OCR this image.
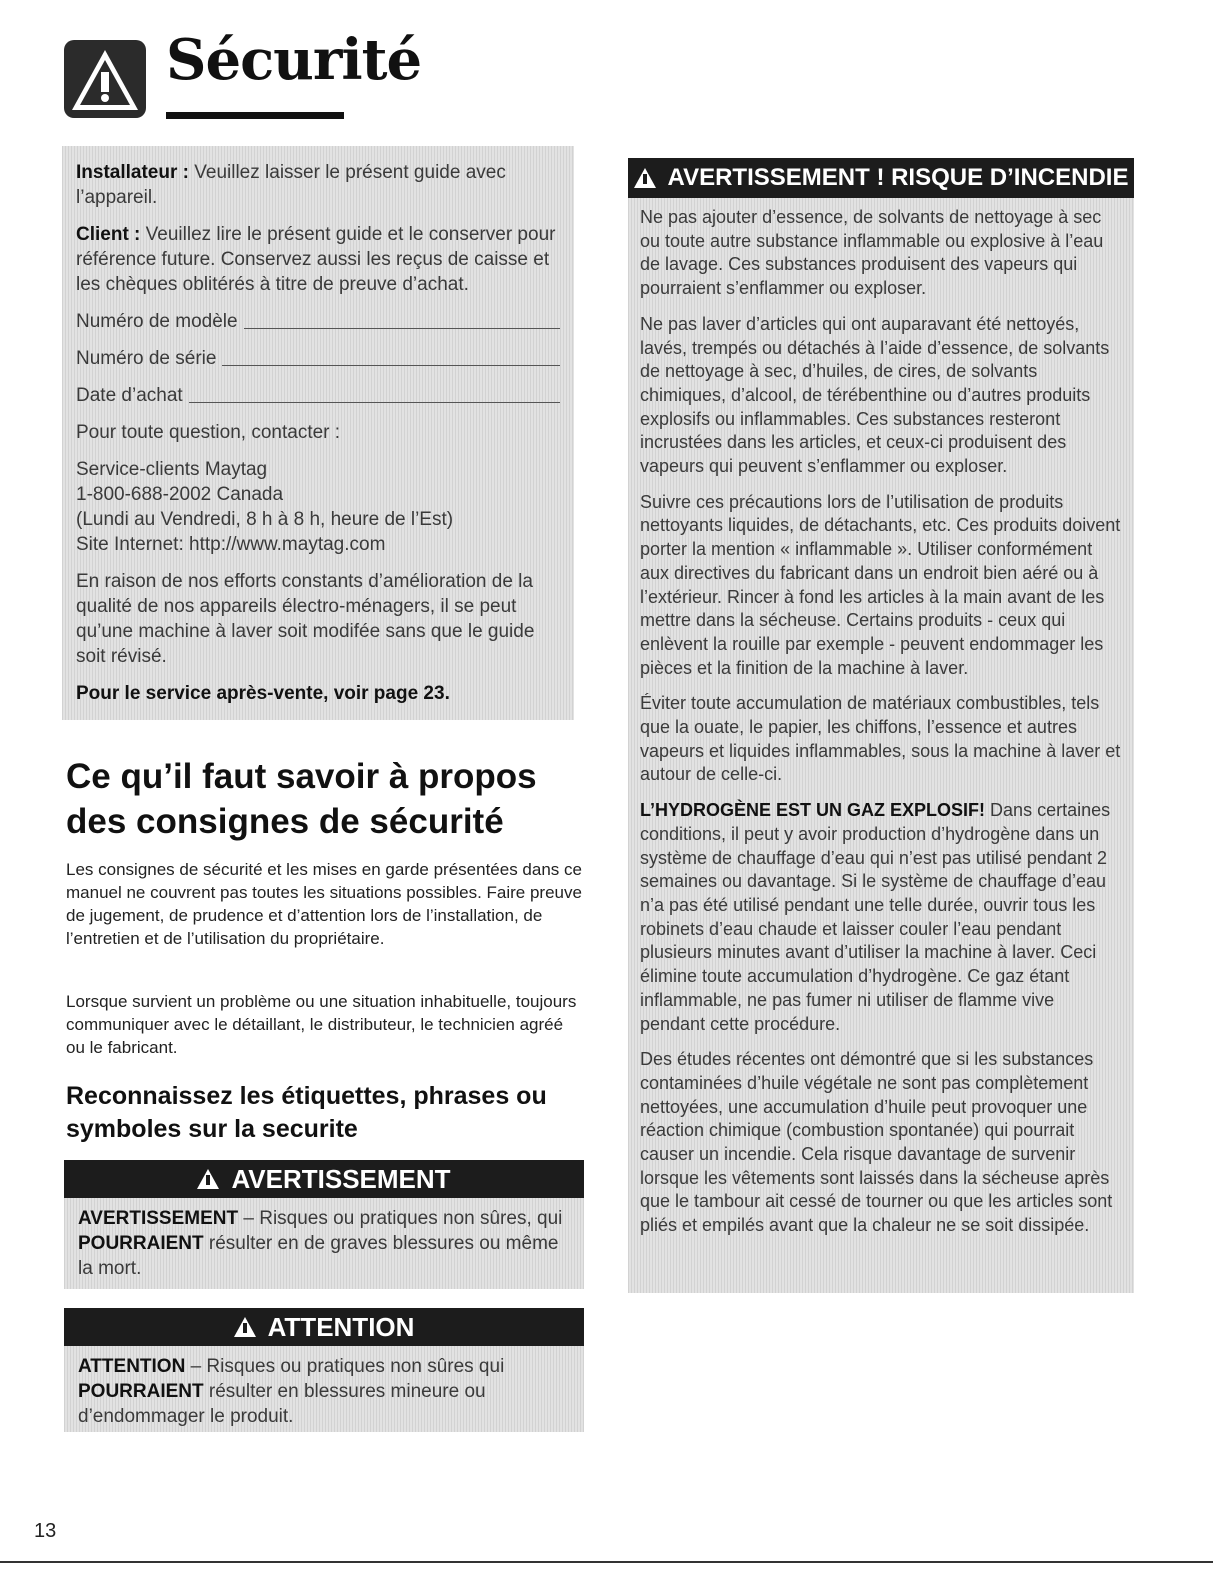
Sécurité

Installateur : Veuillez laisser le présent guide avec l’appareil.

Client : Veuillez lire le présent guide et le conserver pour référence future. Conservez aussi les reçus de caisse et les chèques oblitérés à titre de preuve d’achat.

Numéro de modèle
Numéro de série
Date d’achat

Pour toute question, contacter :

Service-clients Maytag

1-800-688-2002 Canada

(Lundi au Vendredi, 8 h à 8 h, heure de l’Est)

Site Internet: http://www.maytag.com

En raison de nos efforts constants d’amélioration de la qualité de nos appareils électro-ménagers, il se peut qu’une machine à laver soit modifée sans que le guide soit révisé.

Pour le service après-vente, voir page 23.

Ce qu’il faut savoir à propos des consignes de sécurité

Les consignes de sécurité et les mises en garde présentées dans ce manuel ne couvrent pas toutes les situations possibles. Faire preuve de jugement, de prudence et d’attention lors de l’installation, de l’entretien et de l’utilisation du propriétaire.

Lorsque survient un problème ou une situation inhabituelle, toujours communiquer avec le détaillant, le distributeur, le technicien agréé ou le fabricant.

Reconnaissez les étiquettes, phrases ou symboles sur la securite
AVERTISSEMENT

AVERTISSEMENT – Risques ou pratiques non sûres, qui POURRAIENT résulter en de graves blessures ou même la mort.

ATTENTION

ATTENTION – Risques ou pratiques non sûres qui POURRAIENT résulter en blessures mineure ou d’endommager le produit.

AVERTISSEMENT ! RISQUE D’INCENDIE

Ne pas ajouter d’essence, de solvants de nettoyage à sec ou toute autre substance inflammable ou explosive à l’eau de lavage. Ces substances produisent des vapeurs qui pourraient s’enflammer ou exploser.

Ne pas laver d’articles qui ont auparavant été nettoyés, lavés, trempés ou détachés à l’aide d’essence, de solvants de nettoyage à sec, d’huiles, de cires, de solvants chimiques, d’alcool, de térébenthine ou d’autres produits explosifs ou inflammables. Ces substances resteront incrustées dans les articles, et ceux-ci produisent des vapeurs qui peuvent s’enflammer ou exploser.

Suivre ces précautions lors de l’utilisation de produits nettoyants liquides, de détachants, etc. Ces produits doivent porter la mention « inflammable ». Utiliser conformément aux directives du fabricant dans un endroit bien aéré ou à l’extérieur. Rincer à fond les articles à la main avant de les mettre dans la sécheuse. Certains produits - ceux qui enlèvent la rouille par exemple - peuvent endommager les pièces et la finition de la machine à laver.

Éviter toute accumulation de matériaux combustibles, tels que la ouate, le papier, les chiffons, l’essence et autres vapeurs et liquides inflammables, sous la machine à laver et autour de celle-ci.

L’HYDROGÈNE EST UN GAZ EXPLOSIF! Dans certaines conditions, il peut y avoir production d’hydrogène dans un système de chauffage d’eau qui n’est pas utilisé pendant 2 semaines ou davantage. Si le système de chauffage d’eau n’a pas été utilisé pendant une telle durée, ouvrir tous les robinets d’eau chaude et laisser couler l’eau pendant plusieurs minutes avant d’utiliser la machine à laver. Ceci élimine toute accumulation d’hydrogène. Ce gaz étant inflammable, ne pas fumer ni utiliser de flamme vive pendant cette procédure.

Des études récentes ont démontré que si les substances contaminées d’huile végétale ne sont pas complètement nettoyées, une accumulation d’huile peut provoquer une réaction chimique (combustion spontanée) qui pourrait causer un incendie. Cela risque davantage de survenir lorsque les vêtements sont laissés dans la sécheuse après que le tambour ait cessé de tourner ou que les articles sont pliés et empilés avant que la chaleur ne se soit dissipée.

13
